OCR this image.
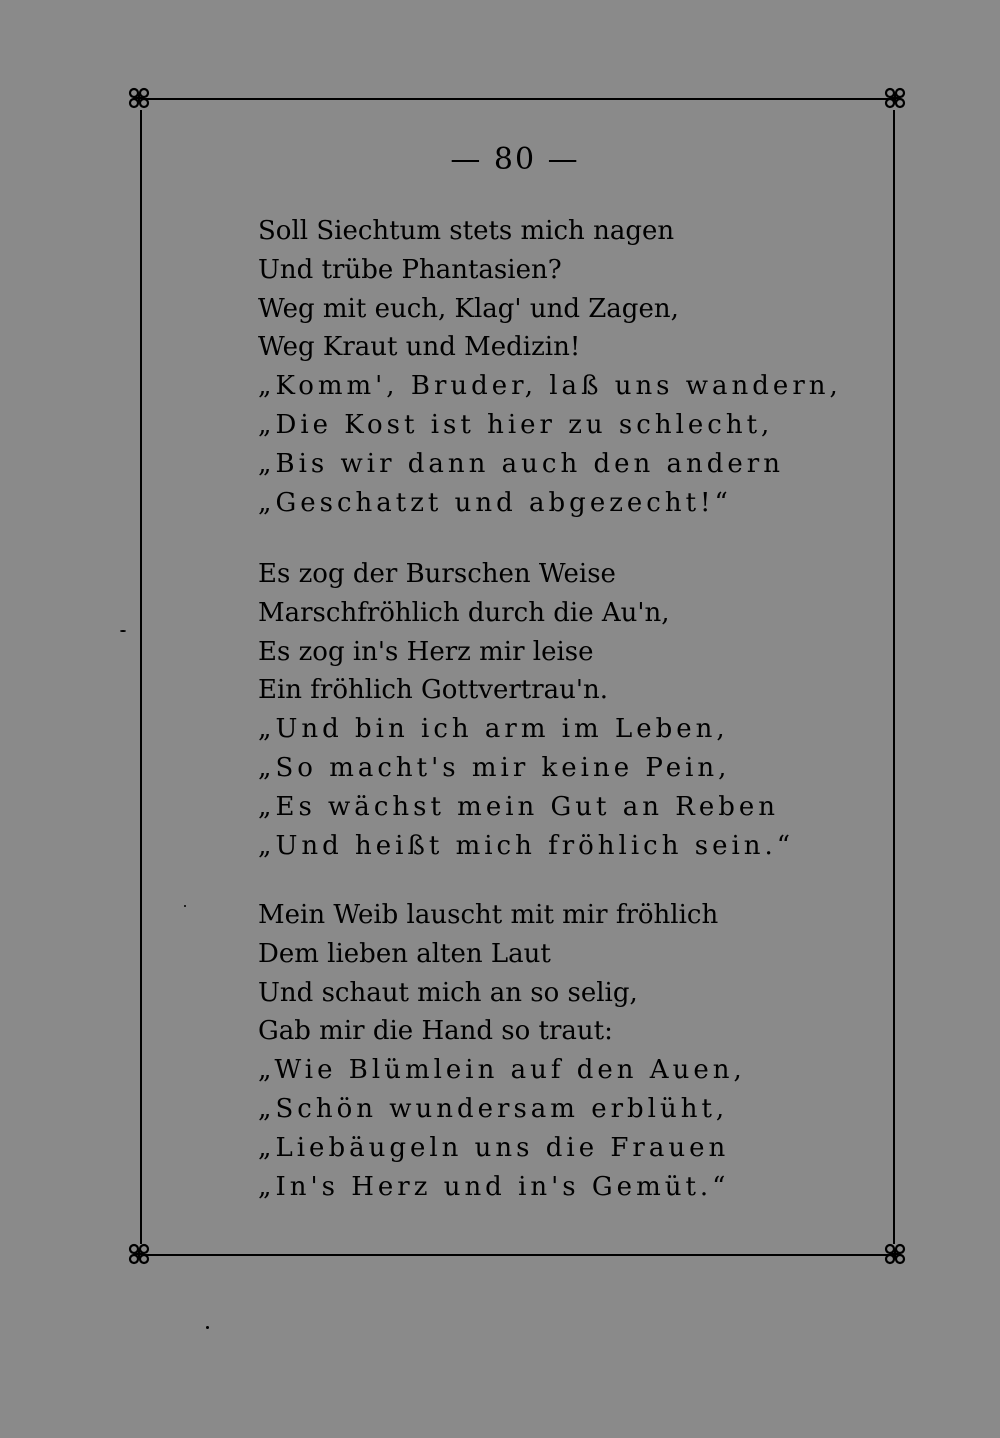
— 80 —
Soll Siechtum stets mich nagen
Und trübe Phantasien?
Weg mit euch, Klag' und Zagen,
Weg Kraut und Medizin!
„Komm', Bruder, laß uns wandern,
„Die Kost ist hier zu schlecht,
„Bis wir dann auch den andern
„Geschatzt und abgezecht!“
Es zog der Burschen Weise
Marschfröhlich durch die Au'n,
Es zog in's Herz mir leise
Ein fröhlich Gottvertrau'n.
„Und bin ich arm im Leben,
„So macht's mir keine Pein,
„Es wächst mein Gut an Reben
„Und heißt mich fröhlich sein.“
Mein Weib lauscht mit mir fröhlich
Dem lieben alten Laut
Und schaut mich an so selig,
Gab mir die Hand so traut:
„Wie Blümlein auf den Auen,
„Schön wundersam erblüht,
„Liebäugeln uns die Frauen
„In's Herz und in's Gemüt.“
